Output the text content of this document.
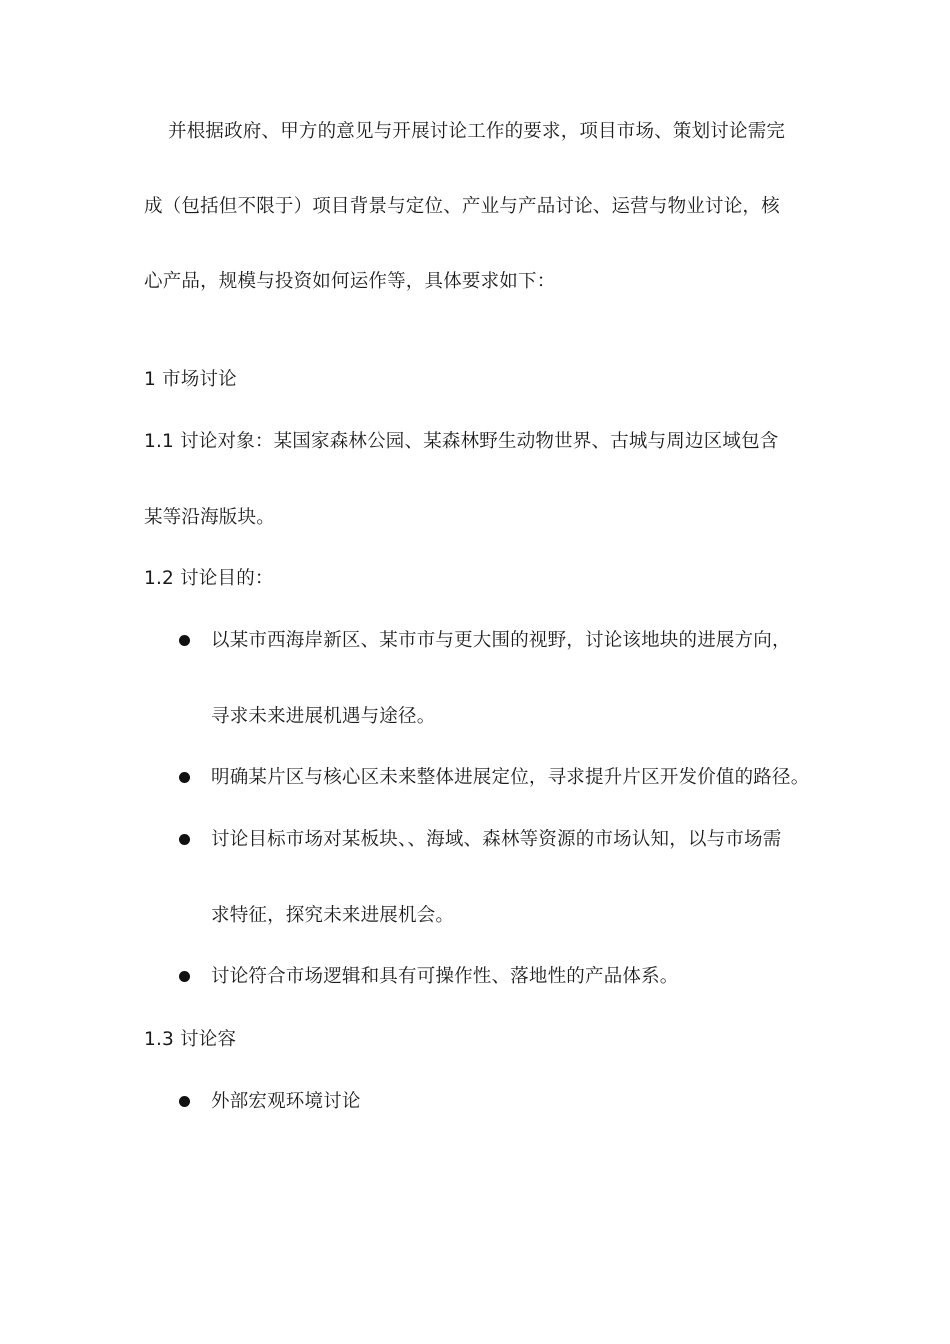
并根据政府、甲方的意见与开展讨论工作的要求，项目市场、策划讨论需完
成（包括但不限于）项目背景与定位、产业与产品讨论、运营与物业讨论，核
心产品，规模与投资如何运作等，具体要求如下：
1 市场讨论
1.1 讨论对象：某国家森林公园、某森林野生动物世界、古城与周边区域包含
某等沿海版块。
1.2 讨论目的：
以某市西海岸新区、某市市与更大围的视野，讨论该地块的进展方向，
寻求未来进展机遇与途径。
明确某片区与核心区未来整体进展定位，寻求提升片区开发价值的路径。
讨论目标市场对某板块、、海域、森林等资源的市场认知，以与市场需
求特征，探究未来进展机会。
讨论符合市场逻辑和具有可操作性、落地性的产品体系。
1.3 讨论容
外部宏观环境讨论
